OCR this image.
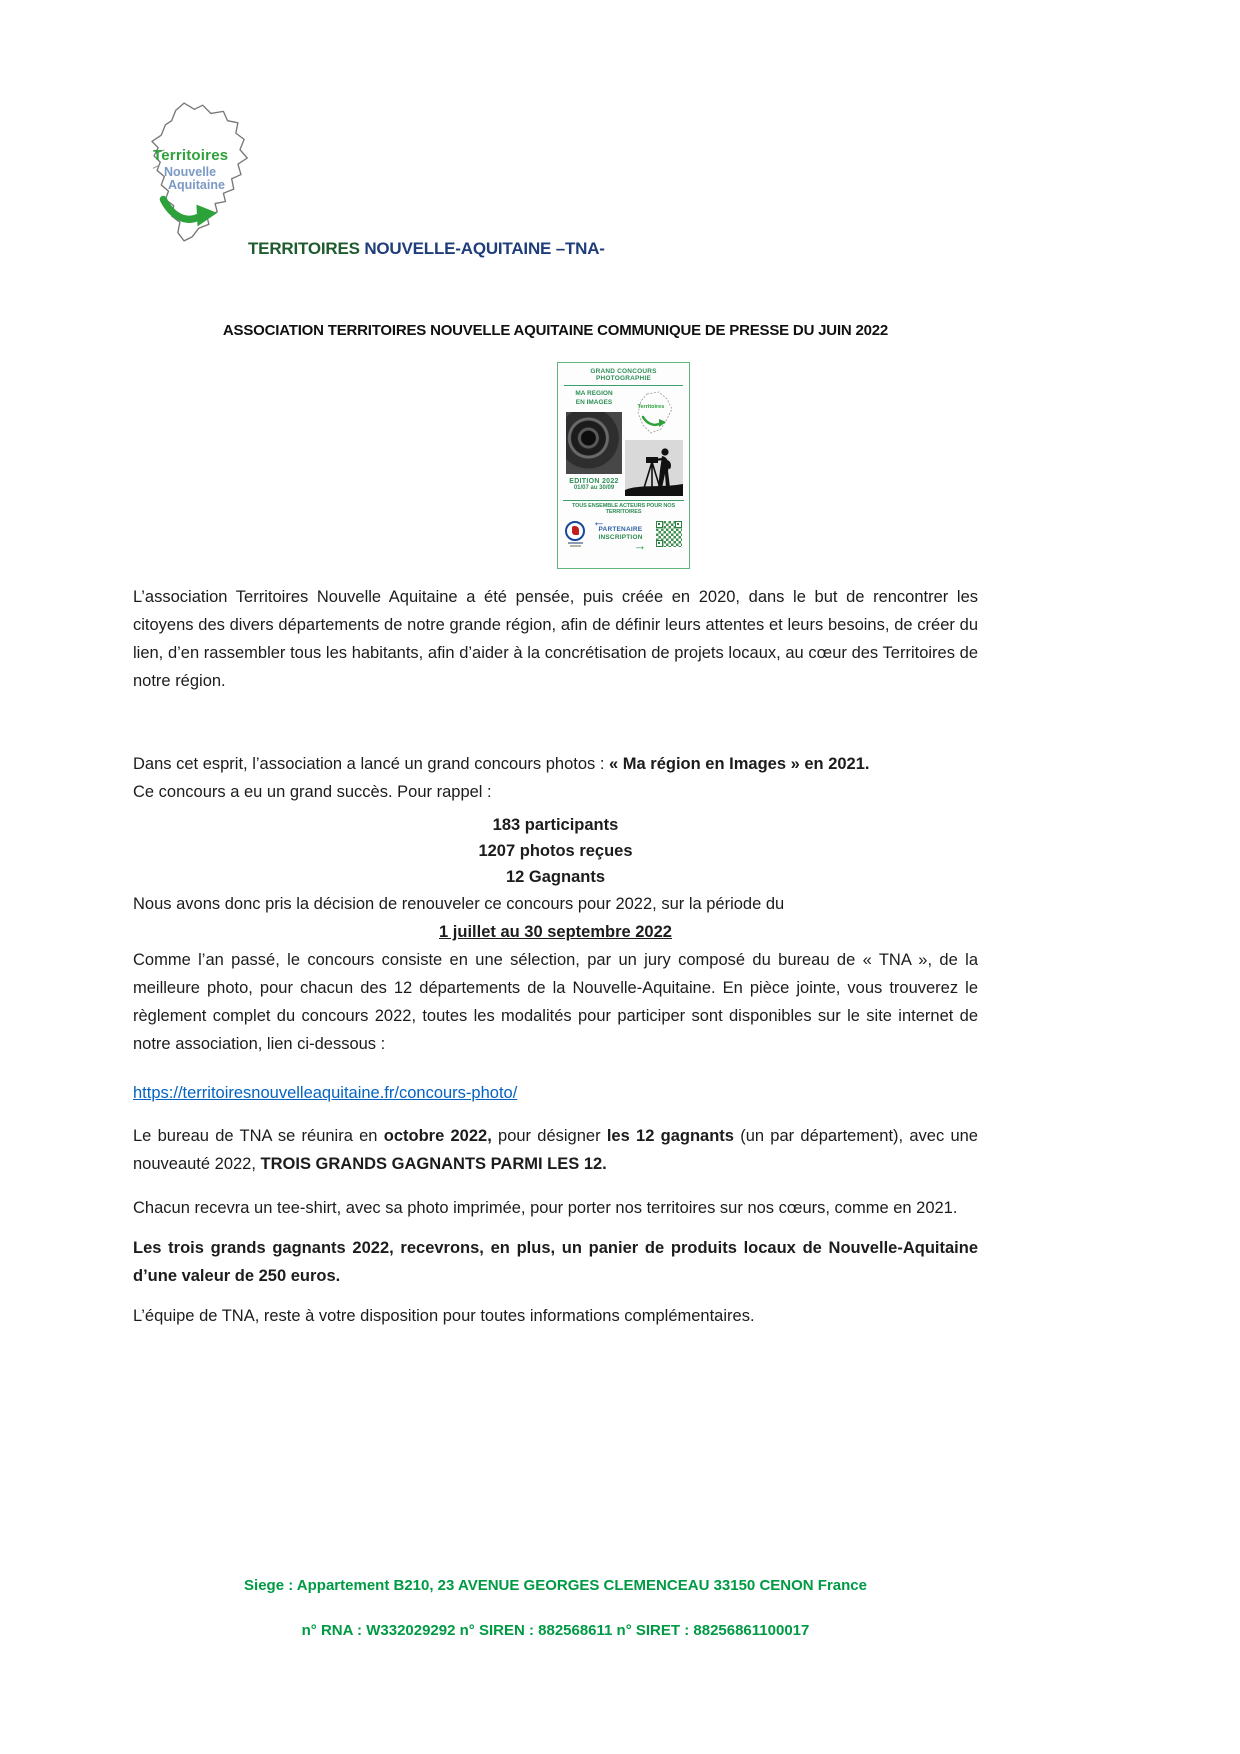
Territoires
Nouvelle
Aquitaine
TERRITOIRES NOUVELLE-AQUITAINE –TNA-
ASSOCIATION TERRITOIRES NOUVELLE AQUITAINE COMMUNIQUE DE PRESSE DU JUIN 2022
GRAND CONCOURS PHOTOGRAPHIE
MA REGION
EN IMAGES
EDITION 2022
01/07 au 30/09
Territoires
TOUS ENSEMBLE ACTEURS POUR NOS TERRITOIRES
←
PARTENAIRE
INSCRIPTION
→

L’association Territoires Nouvelle Aquitaine a été pensée, puis créée en 2020, dans le but de rencontrer les citoyens des divers départements de notre grande région, afin de définir leurs attentes et leurs besoins, de créer du lien, d’en rassembler tous les habitants, afin d’aider à la concrétisation de projets locaux, au cœur des Territoires de notre région.

Dans cet esprit, l’association a lancé un grand concours photos : « Ma région en Images » en 2021.
Ce concours a eu un grand succès. Pour rappel :
183 participants
1207 photos reçues
12 Gagnants
Nous avons donc pris la décision de renouveler ce concours pour 2022, sur la période du
1 juillet au 30 septembre 2022

Comme l’an passé, le concours consiste en une sélection, par un jury composé du bureau de « TNA », de la meilleure photo, pour chacun des 12 départements de la Nouvelle-Aquitaine. En pièce jointe, vous trouverez le règlement complet du concours 2022, toutes les modalités pour participer sont disponibles sur le site internet de notre association, lien ci-dessous :

https://territoiresnouvelleaquitaine.fr/concours-photo/
Le bureau de TNA se réunira en octobre 2022, pour désigner les 12 gagnants (un par département), avec une nouveauté 2022, TROIS GRANDS GAGNANTS PARMI LES 12.

Chacun recevra un tee-shirt, avec sa photo imprimée, pour porter nos territoires sur nos cœurs, comme en 2021.

Les trois grands gagnants 2022, recevrons, en plus, un panier de produits locaux de Nouvelle-Aquitaine d’une valeur de 250 euros.

L’équipe de TNA, reste à votre disposition pour toutes informations complémentaires.

Siege : Appartement B210, 23 AVENUE GEORGES CLEMENCEAU 33150 CENON France
n° RNA : W332029292 n° SIREN : 882568611 n° SIRET : 88256861100017
